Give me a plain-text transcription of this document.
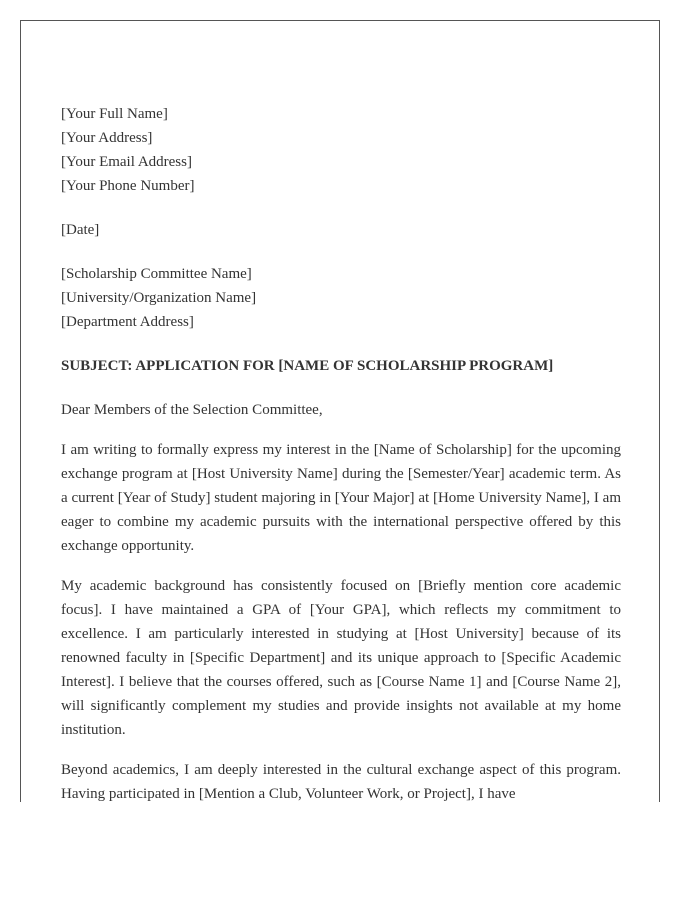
[Your Full Name]
[Your Address]
[Your Email Address]
[Your Phone Number]
[Date]
[Scholarship Committee Name]
[University/Organization Name]
[Department Address]
SUBJECT: APPLICATION FOR [NAME OF SCHOLARSHIP PROGRAM]
Dear Members of the Selection Committee,

I am writing to formally express my interest in the [Name of Scholarship] for the upcoming exchange program at [Host University Name] during the [Semester/Year] academic term. As a current [Year of Study] student majoring in [Your Major] at [Home University Name], I am eager to combine my academic pursuits with the international perspective offered by this exchange opportunity.

My academic background has consistently focused on [Briefly mention core academic focus]. I have maintained a GPA of [Your GPA], which reflects my commitment to excellence. I am particularly interested in studying at [Host University] because of its renowned faculty in [Specific Department] and its unique approach to [Specific Academic Interest]. I believe that the courses offered, such as [Course Name 1] and [Course Name 2], will significantly complement my studies and provide insights not available at my home institution.

Beyond academics, I am deeply interested in the cultural exchange aspect of this program. Having participated in [Mention a Club, Volunteer Work, or Project], I have
